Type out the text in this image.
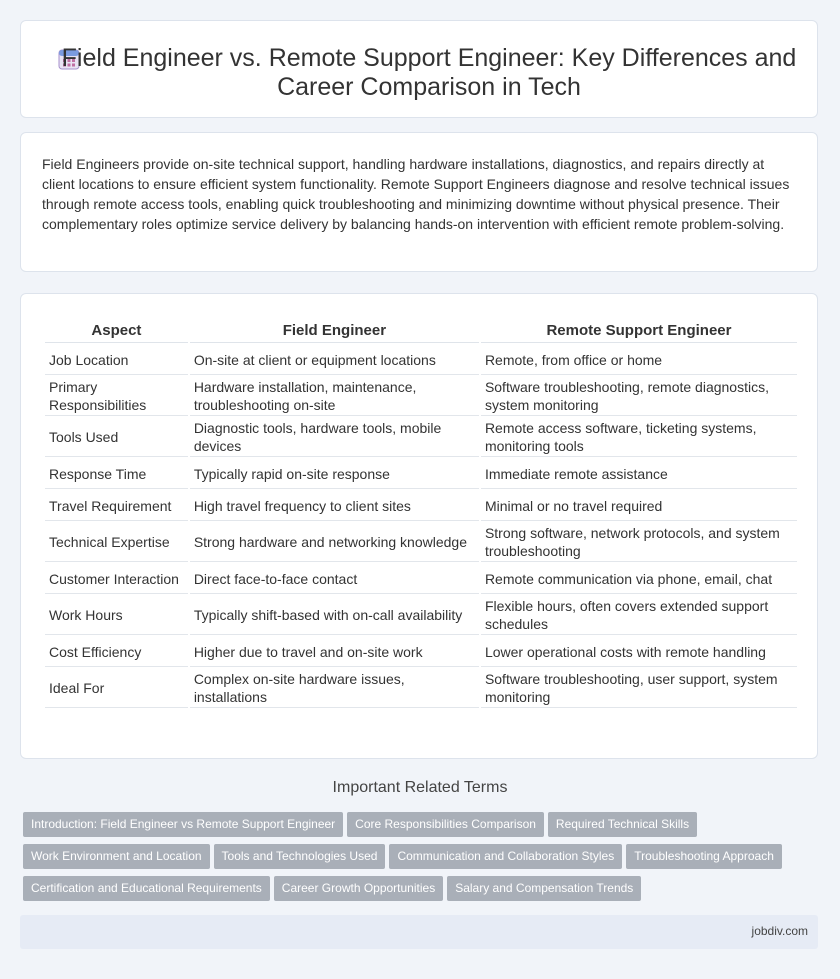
Field Engineer vs. Remote Support Engineer: Key Differences and Career Comparison in Tech

Field Engineers provide on-site technical support, handling hardware installations, diagnostics, and repairs directly at client locations to ensure efficient system functionality. Remote Support Engineers diagnose and resolve technical issues through remote access tools, enabling quick troubleshooting and minimizing downtime without physical presence. Their complementary roles optimize service delivery by balancing hands-on intervention with efficient remote problem-solving.

Aspect	Field Engineer	Remote Support Engineer
Job Location	On-site at client or equipment locations	Remote, from office or home
Primary Responsibilities	Hardware installation, maintenance, troubleshooting on-site	Software troubleshooting, remote diagnostics, system monitoring
Tools Used	Diagnostic tools, hardware tools, mobile devices	Remote access software, ticketing systems, monitoring tools
Response Time	Typically rapid on-site response	Immediate remote assistance
Travel Requirement	High travel frequency to client sites	Minimal or no travel required
Technical Expertise	Strong hardware and networking knowledge	Strong software, network protocols, and system troubleshooting
Customer Interaction	Direct face-to-face contact	Remote communication via phone, email, chat
Work Hours	Typically shift-based with on-call availability	Flexible hours, often covers extended support schedules
Cost Efficiency	Higher due to travel and on-site work	Lower operational costs with remote handling
Ideal For	Complex on-site hardware issues, installations	Software troubleshooting, user support, system monitoring
Important Related Terms
Introduction: Field Engineer vs Remote Support Engineer Core Responsibilities Comparison Required Technical Skills
Work Environment and Location Tools and Technologies Used Communication and Collaboration Styles Troubleshooting Approach
Certification and Educational Requirements Career Growth Opportunities Salary and Compensation Trends
jobdiv.com
